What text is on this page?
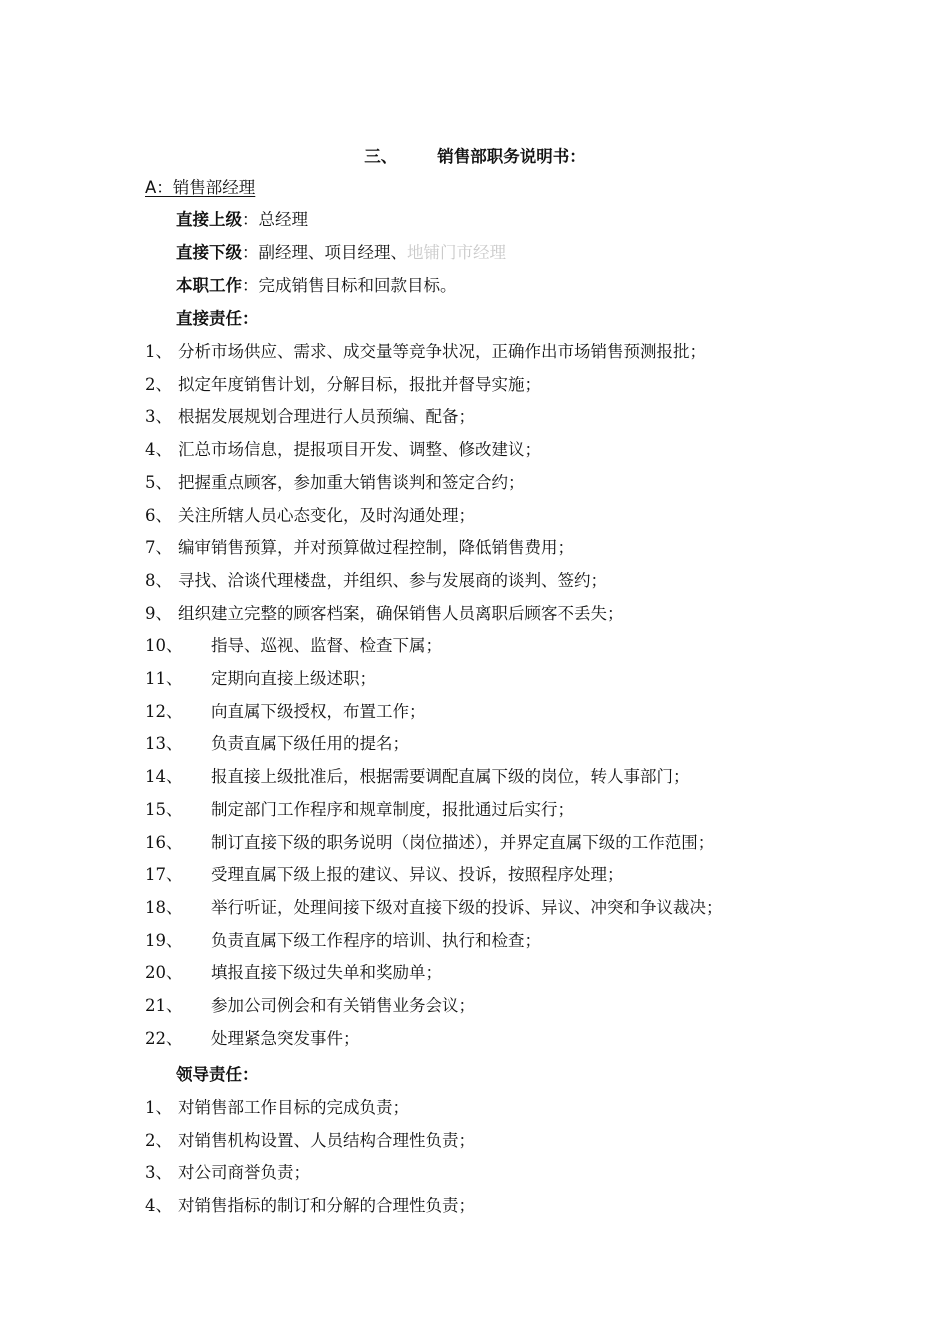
三、 销售部职务说明书：
A：销售部经理
直接上级：总经理
直接下级：副经理、项目经理、地铺门市经理
本职工作：完成销售目标和回款目标。
直接责任：
1、 分析市场供应、需求、成交量等竞争状况，正确作出市场销售预测报批；
2、 拟定年度销售计划，分解目标，报批并督导实施；
3、 根据发展规划合理进行人员预编、配备；
4、 汇总市场信息，提报项目开发、调整、修改建议；
5、 把握重点顾客，参加重大销售谈判和签定合约；
6、 关注所辖人员心态变化，及时沟通处理；
7、 编审销售预算，并对预算做过程控制，降低销售费用；
8、 寻找、洽谈代理楼盘，并组织、参与发展商的谈判、签约；
9、 组织建立完整的顾客档案，确保销售人员离职后顾客不丢失；
10、 指导、巡视、监督、检查下属；
11、 定期向直接上级述职；
12、 向直属下级授权，布置工作；
13、 负责直属下级任用的提名；
14、 报直接上级批准后，根据需要调配直属下级的岗位，转人事部门；
15、 制定部门工作程序和规章制度，报批通过后实行；
16、 制订直接下级的职务说明（岗位描述），并界定直属下级的工作范围；
17、 受理直属下级上报的建议、异议、投诉，按照程序处理；
18、 举行听证，处理间接下级对直接下级的投诉、异议、冲突和争议裁决；
19、 负责直属下级工作程序的培训、执行和检查；
20、 填报直接下级过失单和奖励单；
21、 参加公司例会和有关销售业务会议；
22、 处理紧急突发事件；
领导责任：
1、 对销售部工作目标的完成负责；
2、 对销售机构设置、人员结构合理性负责；
3、 对公司商誉负责；
4、 对销售指标的制订和分解的合理性负责；
